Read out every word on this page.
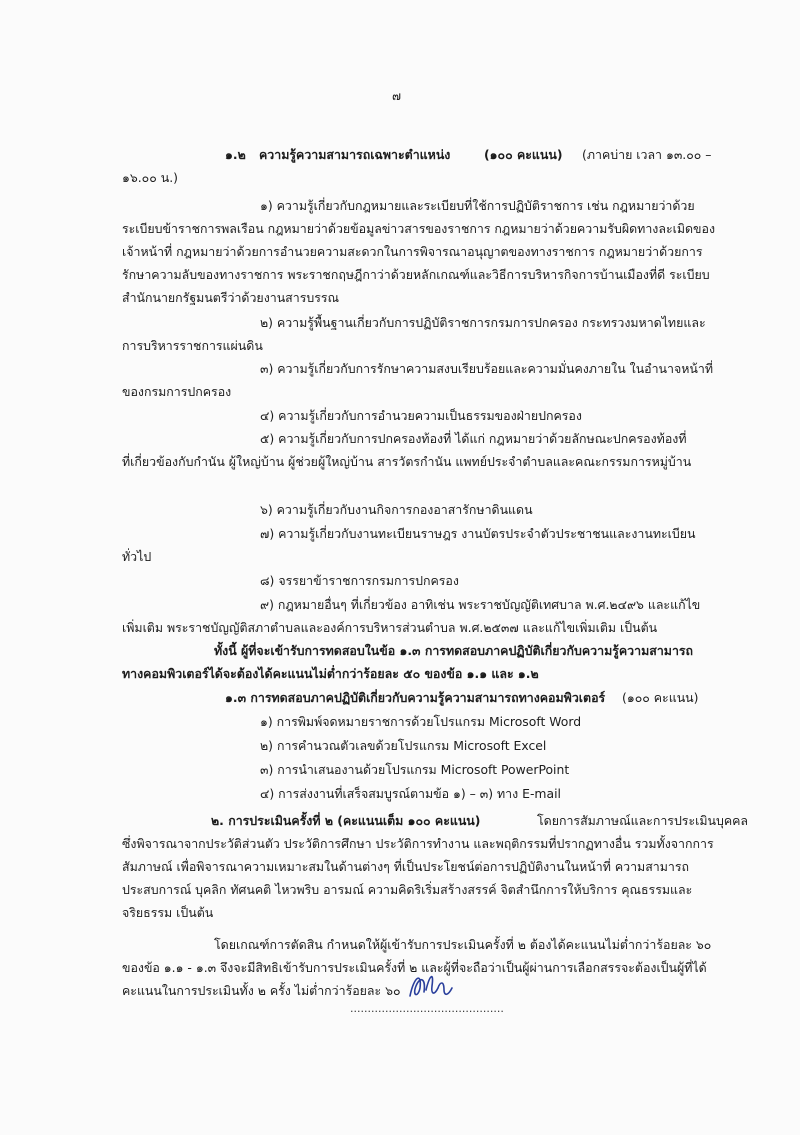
๗
๑.๒ ความรู้ความสามารถเฉพาะตำแหน่ง	(๑๐๐ คะแนน) (ภาคบ่าย เวลา ๑๓.๐๐ –
๑๖.๐๐ น.)
๑) ความรู้เกี่ยวกับกฎหมายและระเบียบที่ใช้การปฏิบัติราชการ เช่น กฎหมายว่าด้วย
ระเบียบข้าราชการพลเรือน กฎหมายว่าด้วยข้อมูลข่าวสารของราชการ กฎหมายว่าด้วยความรับผิดทางละเมิดของ
เจ้าหน้าที่ กฎหมายว่าด้วยการอำนวยความสะดวกในการพิจารณาอนุญาตของทางราชการ กฎหมายว่าด้วยการ
รักษาความลับของทางราชการ พระราชกฤษฎีกาว่าด้วยหลักเกณฑ์และวิธีการบริหารกิจการบ้านเมืองที่ดี ระเบียบ
สำนักนายกรัฐมนตรีว่าด้วยงานสารบรรณ
๒) ความรู้พื้นฐานเกี่ยวกับการปฏิบัติราชการกรมการปกครอง กระทรวงมหาดไทยและ
การบริหารราชการแผ่นดิน
๓) ความรู้เกี่ยวกับการรักษาความสงบเรียบร้อยและความมั่นคงภายใน ในอำนาจหน้าที่
ของกรมการปกครอง
๔) ความรู้เกี่ยวกับการอำนวยความเป็นธรรมของฝ่ายปกครอง
๕) ความรู้เกี่ยวกับการปกครองท้องที่ ได้แก่ กฎหมายว่าด้วยลักษณะปกครองท้องที่
ที่เกี่ยวข้องกับกำนัน ผู้ใหญ่บ้าน ผู้ช่วยผู้ใหญ่บ้าน สารวัตรกำนัน แพทย์ประจำตำบลและคณะกรรมการหมู่บ้าน
๖) ความรู้เกี่ยวกับงานกิจการกองอาสารักษาดินแดน
๗) ความรู้เกี่ยวกับงานทะเบียนราษฎร งานบัตรประจำตัวประชาชนและงานทะเบียน
ทั่วไป
๘) จรรยาข้าราชการกรมการปกครอง
๙) กฎหมายอื่นๆ ที่เกี่ยวข้อง อาทิเช่น พระราชบัญญัติเทศบาล พ.ศ.๒๔๙๖ และแก้ไข
เพิ่มเติม พระราชบัญญัติสภาตำบลและองค์การบริหารส่วนตำบล พ.ศ.๒๕๓๗ และแก้ไขเพิ่มเติม เป็นต้น
ทั้งนี้ ผู้ที่จะเข้ารับการทดสอบในข้อ ๑.๓ การทดสอบภาคปฏิบัติเกี่ยวกับความรู้ความสามารถ
ทางคอมพิวเตอร์ได้จะต้องได้คะแนนไม่ต่ำกว่าร้อยละ ๕๐ ของข้อ ๑.๑ และ ๑.๒
๑.๓ การทดสอบภาคปฏิบัติเกี่ยวกับความรู้ความสามารถทางคอมพิวเตอร์ (๑๐๐ คะแนน)
๑) การพิมพ์จดหมายราชการด้วยโปรแกรม Microsoft Word
๒) การคำนวณตัวเลขด้วยโปรแกรม Microsoft Excel
๓) การนำเสนองานด้วยโปรแกรม Microsoft PowerPoint
๔) การส่งงานที่เสร็จสมบูรณ์ตามข้อ ๑) – ๓) ทาง E-mail
๒. การประเมินครั้งที่ ๒ (คะแนนเต็ม ๑๐๐ คะแนน)	โดยการสัมภาษณ์และการประเมินบุคคล
ซึ่งพิจารณาจากประวัติส่วนตัว ประวัติการศึกษา ประวัติการทำงาน และพฤติกรรมที่ปรากฏทางอื่น รวมทั้งจากการ
สัมภาษณ์ เพื่อพิจารณาความเหมาะสมในด้านต่างๆ ที่เป็นประโยชน์ต่อการปฏิบัติงานในหน้าที่ ความสามารถ
ประสบการณ์ บุคลิก ทัศนคติ ไหวพริบ อารมณ์ ความคิดริเริ่มสร้างสรรค์ จิตสำนึกการให้บริการ คุณธรรมและ
จริยธรรม เป็นต้น
โดยเกณฑ์การตัดสิน กำหนดให้ผู้เข้ารับการประเมินครั้งที่ ๒ ต้องได้คะแนนไม่ต่ำกว่าร้อยละ ๖๐
ของข้อ ๑.๑ - ๑.๓ จึงจะมีสิทธิเข้ารับการประเมินครั้งที่ ๒ และผู้ที่จะถือว่าเป็นผู้ผ่านการเลือกสรรจะต้องเป็นผู้ที่ได้
คะแนนในการประเมินทั้ง ๒ ครั้ง ไม่ต่ำกว่าร้อยละ ๖๐
............................................
